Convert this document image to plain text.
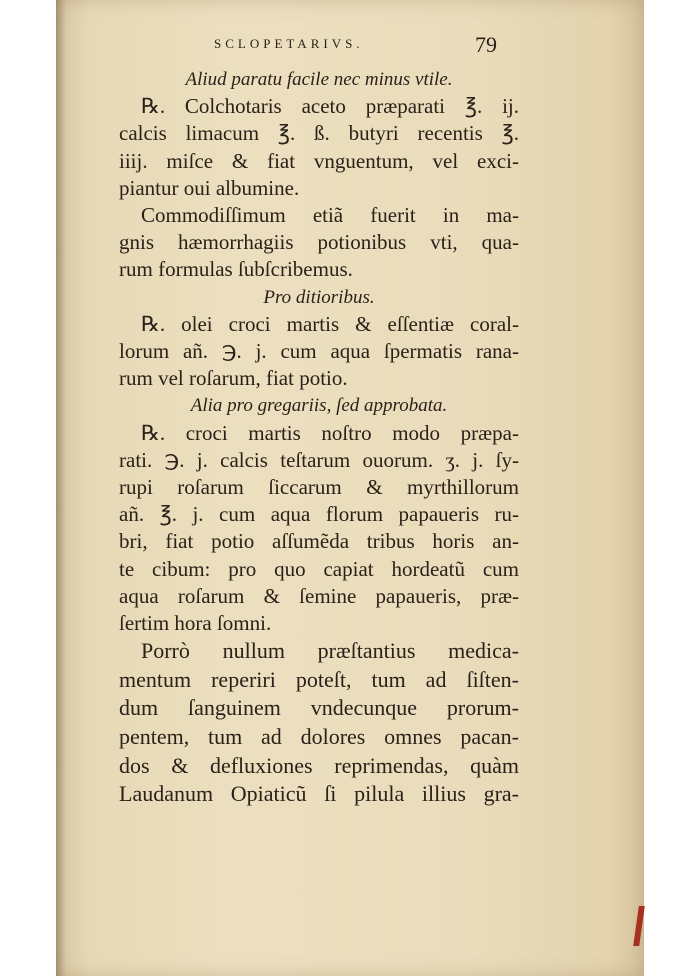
SCLOPETARIVS.	79
Aliud paratu facile nec minus vtile.
℞. Colchotaris aceto præparati ℥. ij.
calcis limacum ℥. ß. butyri recentis ℥.
iiij. miſce & fiat vnguentum, vel exci-
piantur oui albumine.
Commodiſſimum etiã fuerit in ma-
gnis hæmorrhagiis potionibus vti, qua-
rum formulas ſubſcribemus.
Pro ditioribus.
℞. olei croci martis & eſſentiæ coral-
lorum añ. ℈. j. cum aqua ſpermatis rana-
rum vel roſarum, fiat potio.
Alia pro gregariis, ſed approbata.
℞. croci martis noſtro modo præpa-
rati. ℈. j. calcis teſtarum ouorum. ʒ. j. ſy-
rupi roſarum ſiccarum & myrthillorum
añ. ℥. j. cum aqua florum papaueris ru-
bri, fiat potio aſſumẽda tribus horis an-
te cibum: pro quo capiat hordeatũ cum
aqua roſarum & ſemine papaueris, præ-
ſertim hora ſomni.
Porrò nullum præſtantius medica-
mentum reperiri poteſt, tum ad ſiſten-
dum ſanguinem vndecunque prorum-
pentem, tum ad dolores omnes pacan-
dos & defluxiones reprimendas, quàm
Laudanum Opiaticũ ſi pilula illius gra-
